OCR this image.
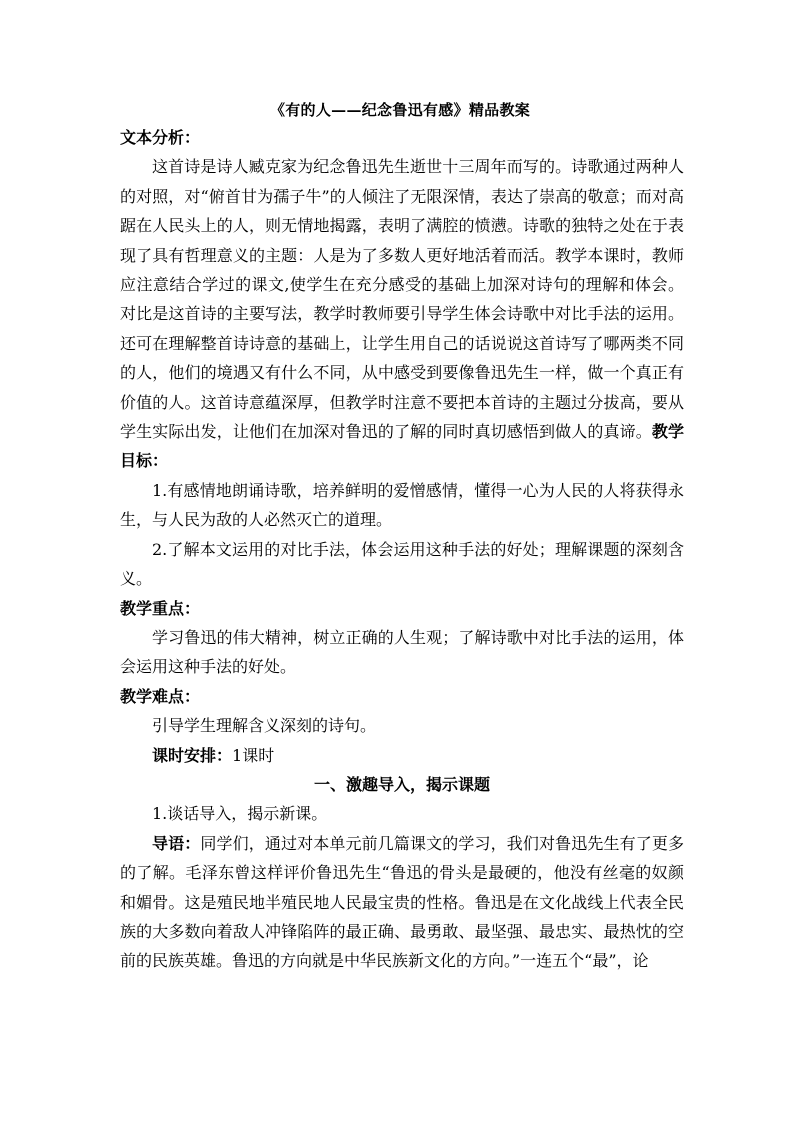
《有的人——纪念鲁迅有感》精品教案

文本分析：

这首诗是诗人臧克家为纪念鲁迅先生逝世十三周年而写的。诗歌通过两种人的对照，对“俯首甘为孺子牛”的人倾注了无限深情，表达了崇高的敬意；而对高踞在人民头上的人，则无情地揭露，表明了满腔的愤懑。诗歌的独特之处在于表现了具有哲理意义的主题：人是为了多数人更好地活着而活。教学本课时，教师应注意结合学过的课文,使学生在充分感受的基础上加深对诗句的理解和体会。对比是这首诗的主要写法，教学时教师要引导学生体会诗歌中对比手法的运用。还可在理解整首诗诗意的基础上，让学生用自己的话说说这首诗写了哪两类不同的人，他们的境遇又有什么不同，从中感受到要像鲁迅先生一样，做一个真正有价值的人。这首诗意蕴深厚，但教学时注意不要把本首诗的主题过分拔高，要从学生实际出发，让他们在加深对鲁迅的了解的同时真切感悟到做人的真谛。教学目标：

1.有感情地朗诵诗歌，培养鲜明的爱憎感情，懂得一心为人民的人将获得永生，与人民为敌的人必然灭亡的道理。

2.了解本文运用的对比手法，体会运用这种手法的好处；理解课题的深刻含义。

教学重点：

学习鲁迅的伟大精神，树立正确的人生观；了解诗歌中对比手法的运用，体会运用这种手法的好处。

教学难点：

引导学生理解含义深刻的诗句。

课时安排：1课时

一、激趣导入，揭示课题

1.谈话导入，揭示新课。

导语：同学们，通过对本单元前几篇课文的学习，我们对鲁迅先生有了更多的了解。毛泽东曾这样评价鲁迅先生“鲁迅的骨头是最硬的，他没有丝毫的奴颜和媚骨。这是殖民地半殖民地人民最宝贵的性格。鲁迅是在文化战线上代表全民族的大多数向着敌人冲锋陷阵的最正确、最勇敢、最坚强、最忠实、最热忱的空前的民族英雄。鲁迅的方向就是中华民族新文化的方向。”一连五个“最”，论
